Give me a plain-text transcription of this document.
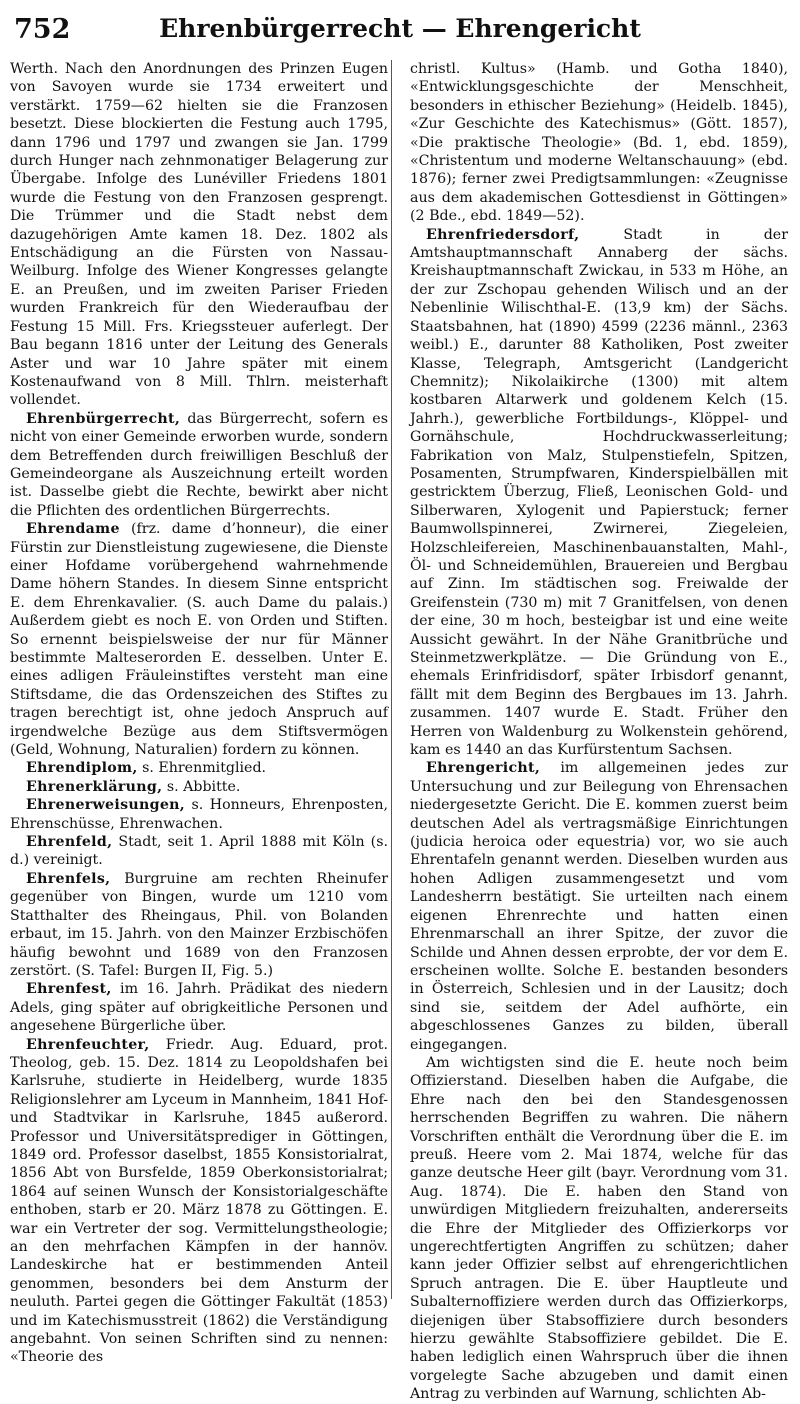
752	Ehrenbürgerrecht — Ehrengericht

Werth. Nach den Anordnungen des Prinzen Eugen von Savoyen wurde sie 1734 erweitert und verstärkt. 1759—62 hielten sie die Franzosen besetzt. Diese blockierten die Festung auch 1795, dann 1796 und 1797 und zwangen sie Jan. 1799 durch Hunger nach zehnmonatiger Belagerung zur Übergabe. Infolge des Lunéviller Friedens 1801 wurde die Festung von den Franzosen gesprengt. Die Trümmer und die Stadt nebst dem dazugehörigen Amte kamen 18. Dez. 1802 als Entschädigung an die Fürsten von Nassau-Weilburg. Infolge des Wiener Kongresses gelangte E. an Preußen, und im zweiten Pariser Frieden wurden Frankreich für den Wiederaufbau der Festung 15 Mill. Frs. Kriegssteuer auferlegt. Der Bau begann 1816 unter der Leitung des Generals Aster und war 10 Jahre später mit einem Kostenaufwand von 8 Mill. Thlrn. meisterhaft vollendet.

Ehrenbürgerrecht, das Bürgerrecht, sofern es nicht von einer Gemeinde erworben wurde, sondern dem Betreffenden durch freiwilligen Beschluß der Gemeindeorgane als Auszeichnung erteilt worden ist. Dasselbe giebt die Rechte, bewirkt aber nicht die Pflichten des ordentlichen Bürgerrechts.

Ehrendame (frz. dame d’honneur), die einer Fürstin zur Dienstleistung zugewiesene, die Dienste einer Hofdame vorübergehend wahrnehmende Dame höhern Standes. In diesem Sinne entspricht E. dem Ehrenkavalier. (S. auch Dame du palais.) Außerdem giebt es noch E. von Orden und Stiften. So ernennt beispielsweise der nur für Männer bestimmte Malteserorden E. desselben. Unter E. eines adligen Fräuleinstiftes versteht man eine Stiftsdame, die das Ordenszeichen des Stiftes zu tragen berechtigt ist, ohne jedoch Anspruch auf irgendwelche Bezüge aus dem Stiftsvermögen (Geld, Wohnung, Naturalien) fordern zu können.

Ehrendiplom, s. Ehrenmitglied.

Ehrenerklärung, s. Abbitte.

Ehrenerweisungen, s. Honneurs, Ehrenposten, Ehrenschüsse, Ehrenwachen.

Ehrenfeld, Stadt, seit 1. April 1888 mit Köln (s. d.) vereinigt.

Ehrenfels, Burgruine am rechten Rheinufer gegenüber von Bingen, wurde um 1210 vom Statthalter des Rheingaus, Phil. von Bolanden erbaut, im 15. Jahrh. von den Mainzer Erzbischöfen häufig bewohnt und 1689 von den Franzosen zerstört. (S. Tafel: Burgen II, Fig. 5.)

Ehrenfest, im 16. Jahrh. Prädikat des niedern Adels, ging später auf obrigkeitliche Personen und angesehene Bürgerliche über.

Ehrenfeuchter, Friedr. Aug. Eduard, prot. Theolog, geb. 15. Dez. 1814 zu Leopoldshafen bei Karlsruhe, studierte in Heidelberg, wurde 1835 Religionslehrer am Lyceum in Mannheim, 1841 Hof- und Stadtvikar in Karlsruhe, 1845 außerord. Professor und Universitätsprediger in Göttingen, 1849 ord. Professor daselbst, 1855 Konsistorialrat, 1856 Abt von Bursfelde, 1859 Oberkonsistorialrat; 1864 auf seinen Wunsch der Konsistorialgeschäfte enthoben, starb er 20. März 1878 zu Göttingen. E. war ein Vertreter der sog. Vermittelungstheologie; an den mehrfachen Kämpfen in der hannöv. Landeskirche hat er bestimmenden Anteil genommen, besonders bei dem Ansturm der neuluth. Partei gegen die Göttinger Fakultät (1853) und im Katechismusstreit (1862) die Verständigung angebahnt. Von seinen Schriften sind zu nennen: «Theorie des

christl. Kultus» (Hamb. und Gotha 1840), «Entwicklungsgeschichte der Menschheit, besonders in ethischer Beziehung» (Heidelb. 1845), «Zur Geschichte des Katechismus» (Gött. 1857), «Die praktische Theologie» (Bd. 1, ebd. 1859), «Christentum und moderne Weltanschauung» (ebd. 1876); ferner zwei Predigtsammlungen: «Zeugnisse aus dem akademischen Gottesdienst in Göttingen» (2 Bde., ebd. 1849—52).

Ehrenfriedersdorf, Stadt in der Amtshauptmannschaft Annaberg der sächs. Kreishauptmannschaft Zwickau, in 533 m Höhe, an der zur Zschopau gehenden Wilisch und an der Nebenlinie Wilischthal-E. (13,9 km) der Sächs. Staatsbahnen, hat (1890) 4599 (2236 männl., 2363 weibl.) E., darunter 88 Katholiken, Post zweiter Klasse, Telegraph, Amtsgericht (Landgericht Chemnitz); Nikolaikirche (1300) mit altem kostbaren Altarwerk und goldenem Kelch (15. Jahrh.), gewerbliche Fortbildungs-, Klöppel- und Gornähschule, Hochdruckwasserleitung; Fabrikation von Malz, Stulpenstiefeln, Spitzen, Posamenten, Strumpfwaren, Kinderspielbällen mit gestricktem Überzug, Fließ, Leonischen Gold- und Silberwaren, Xylogenit und Papierstuck; ferner Baumwollspinnerei, Zwirnerei, Ziegeleien, Holzschleifereien, Maschinenbauanstalten, Mahl-, Öl- und Schneidemühlen, Brauereien und Bergbau auf Zinn. Im städtischen sog. Freiwalde der Greifenstein (730 m) mit 7 Granitfelsen, von denen der eine, 30 m hoch, besteigbar ist und eine weite Aussicht gewährt. In der Nähe Granitbrüche und Steinmetzwerkplätze. — Die Gründung von E., ehemals Erinfridisdorf, später Irbisdorf genannt, fällt mit dem Beginn des Bergbaues im 13. Jahrh. zusammen. 1407 wurde E. Stadt. Früher den Herren von Waldenburg zu Wolkenstein gehörend, kam es 1440 an das Kurfürstentum Sachsen.

Ehrengericht, im allgemeinen jedes zur Untersuchung und zur Beilegung von Ehrensachen niedergesetzte Gericht. Die E. kommen zuerst beim deutschen Adel als vertragsmäßige Einrichtungen (judicia heroica oder equestria) vor, wo sie auch Ehrentafeln genannt werden. Dieselben wurden aus hohen Adligen zusammengesetzt und vom Landesherrn bestätigt. Sie urteilten nach einem eigenen Ehrenrechte und hatten einen Ehrenmarschall an ihrer Spitze, der zuvor die Schilde und Ahnen dessen erprobte, der vor dem E. erscheinen wollte. Solche E. bestanden besonders in Österreich, Schlesien und in der Lausitz; doch sind sie, seitdem der Adel aufhörte, ein abgeschlossenes Ganzes zu bilden, überall eingegangen.

Am wichtigsten sind die E. heute noch beim Offizierstand. Dieselben haben die Aufgabe, die Ehre nach den bei den Standesgenossen herrschenden Begriffen zu wahren. Die nähern Vorschriften enthält die Verordnung über die E. im preuß. Heere vom 2. Mai 1874, welche für das ganze deutsche Heer gilt (bayr. Verordnung vom 31. Aug. 1874). Die E. haben den Stand von unwürdigen Mitgliedern freizuhalten, andererseits die Ehre der Mitglieder des Offizierkorps vor ungerechtfertigten Angriffen zu schützen; daher kann jeder Offizier selbst auf ehrengerichtlichen Spruch antragen. Die E. über Hauptleute und Subalternoffiziere werden durch das Offizierkorps, diejenigen über Stabsoffiziere durch besonders hierzu gewählte Stabsoffiziere gebildet. Die E. haben lediglich einen Wahrspruch über die ihnen vorgelegte Sache abzugeben und damit einen Antrag zu verbinden auf Warnung, schlichten Ab-
